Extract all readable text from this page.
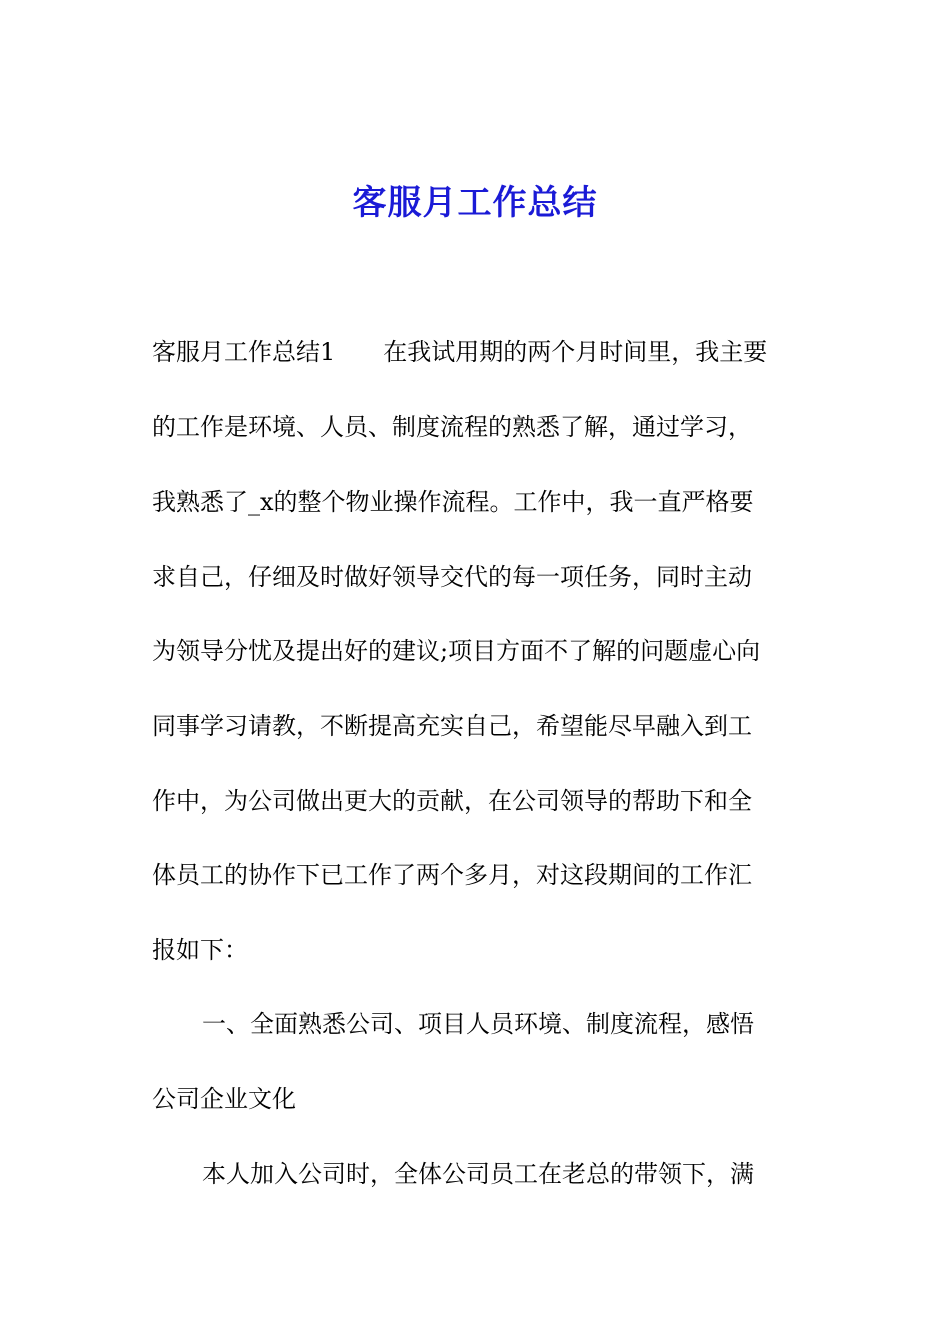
客服月工作总结
客服月工作总结1 在我试用期的两个月时间里，我主要
的工作是环境、人员、制度流程的熟悉了解，通过学习，
我熟悉了_x的整个物业操作流程。工作中，我一直严格要
求自己，仔细及时做好领导交代的每一项任务，同时主动
为领导分忧及提出好的建议;项目方面不了解的问题虚心向
同事学习请教，不断提高充实自己，希望能尽早融入到工
作中，为公司做出更大的贡献，在公司领导的帮助下和全
体员工的协作下已工作了两个多月，对这段期间的工作汇
报如下：
一、全面熟悉公司、项目人员环境、制度流程，感悟
公司企业文化
本人加入公司时，全体公司员工在老总的带领下，满
